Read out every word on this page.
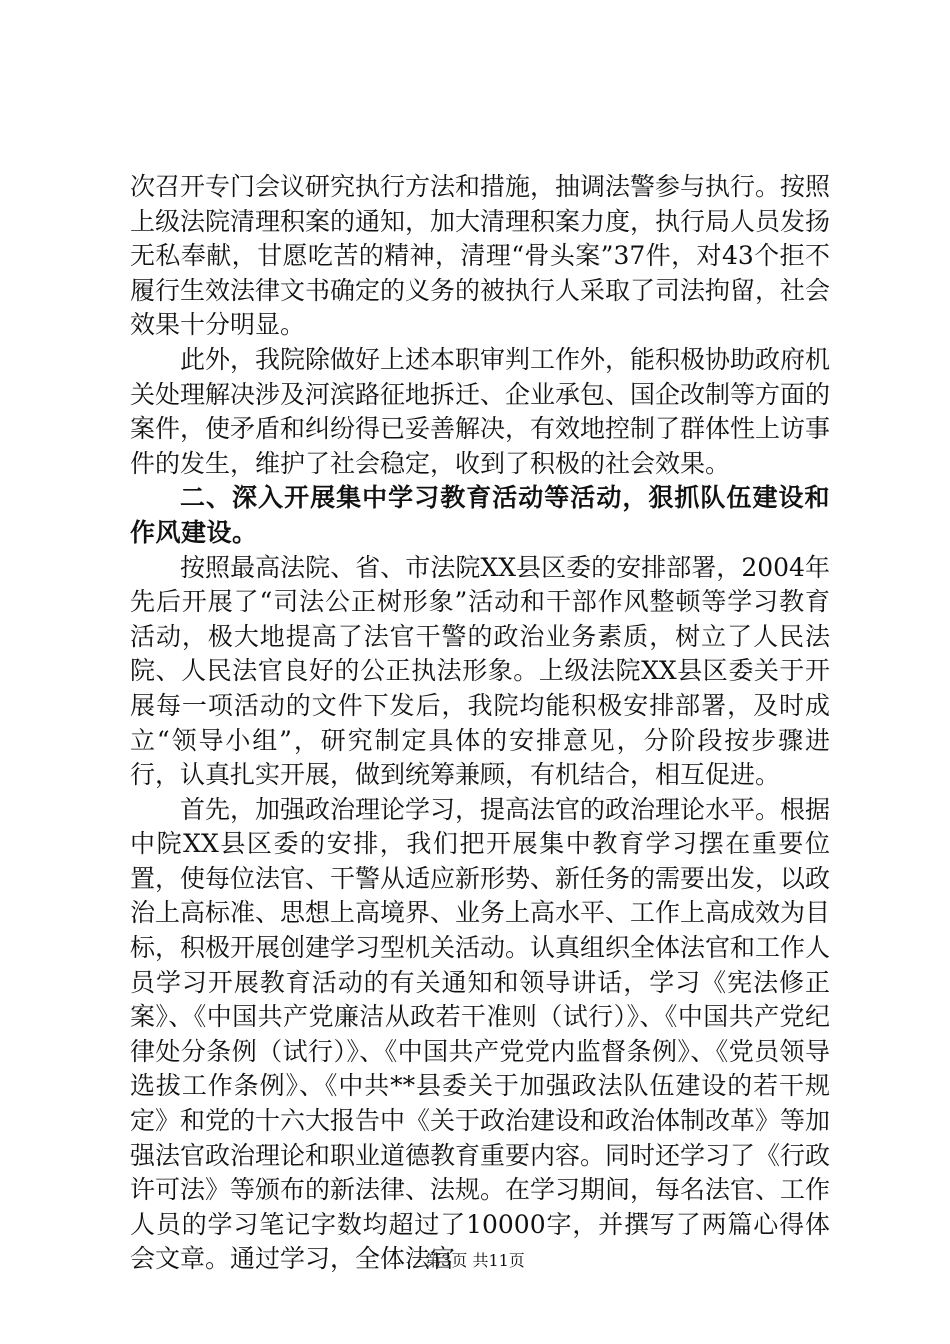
次召开专门会议研究执行方法和措施，抽调法警参与执行。按照上级法院清理积案的通知，加大清理积案力度，执行局人员发扬无私奉献，甘愿吃苦的精神，清理“骨头案”37件，对43个拒不履行生效法律文书确定的义务的被执行人采取了司法拘留，社会效果十分明显。

此外，我院除做好上述本职审判工作外，能积极协助政府机关处理解决涉及河滨路征地拆迁、企业承包、国企改制等方面的案件，使矛盾和纠纷得已妥善解决，有效地控制了群体性上访事件的发生，维护了社会稳定，收到了积极的社会效果。

二、深入开展集中学习教育活动等活动，狠抓队伍建设和作风建设。

按照最高法院、省、市法院XX县区委的安排部署，2004年先后开展了“司法公正树形象”活动和干部作风整顿等学习教育活动，极大地提高了法官干警的政治业务素质，树立了人民法院、人民法官良好的公正执法形象。上级法院XX县区委关于开展每一项活动的文件下发后，我院均能积极安排部署，及时成立“领导小组”，研究制定具体的安排意见，分阶段按步骤进行，认真扎实开展，做到统筹兼顾，有机结合，相互促进。

首先，加强政治理论学习，提高法官的政治理论水平。根据中院XX县区委的安排，我们把开展集中教育学习摆在重要位置，使每位法官、干警从适应新形势、新任务的需要出发，以政治上高标准、思想上高境界、业务上高水平、工作上高成效为目标，积极开展创建学习型机关活动。认真组织全体法官和工作人员学习开展教育活动的有关通知和领导讲话，学习《宪法修正案》、《中国共产党廉洁从政若干准则（试行）》、《中国共产党纪律处分条例（试行）》、《中国共产党党内监督条例》、《党员领导选拔工作条例》、《中共**县委关于加强政法队伍建设的若干规定》和党的十六大报告中《关于政治建设和政治体制改革》等加强法官政治理论和职业道德教育重要内容。同时还学习了《行政许可法》等颁布的新法律、法规。在学习期间，每名法官、工作人员的学习笔记字数均超过了10000字，并撰写了两篇心得体会文章。通过学习，全体法官

第3页 共11页
